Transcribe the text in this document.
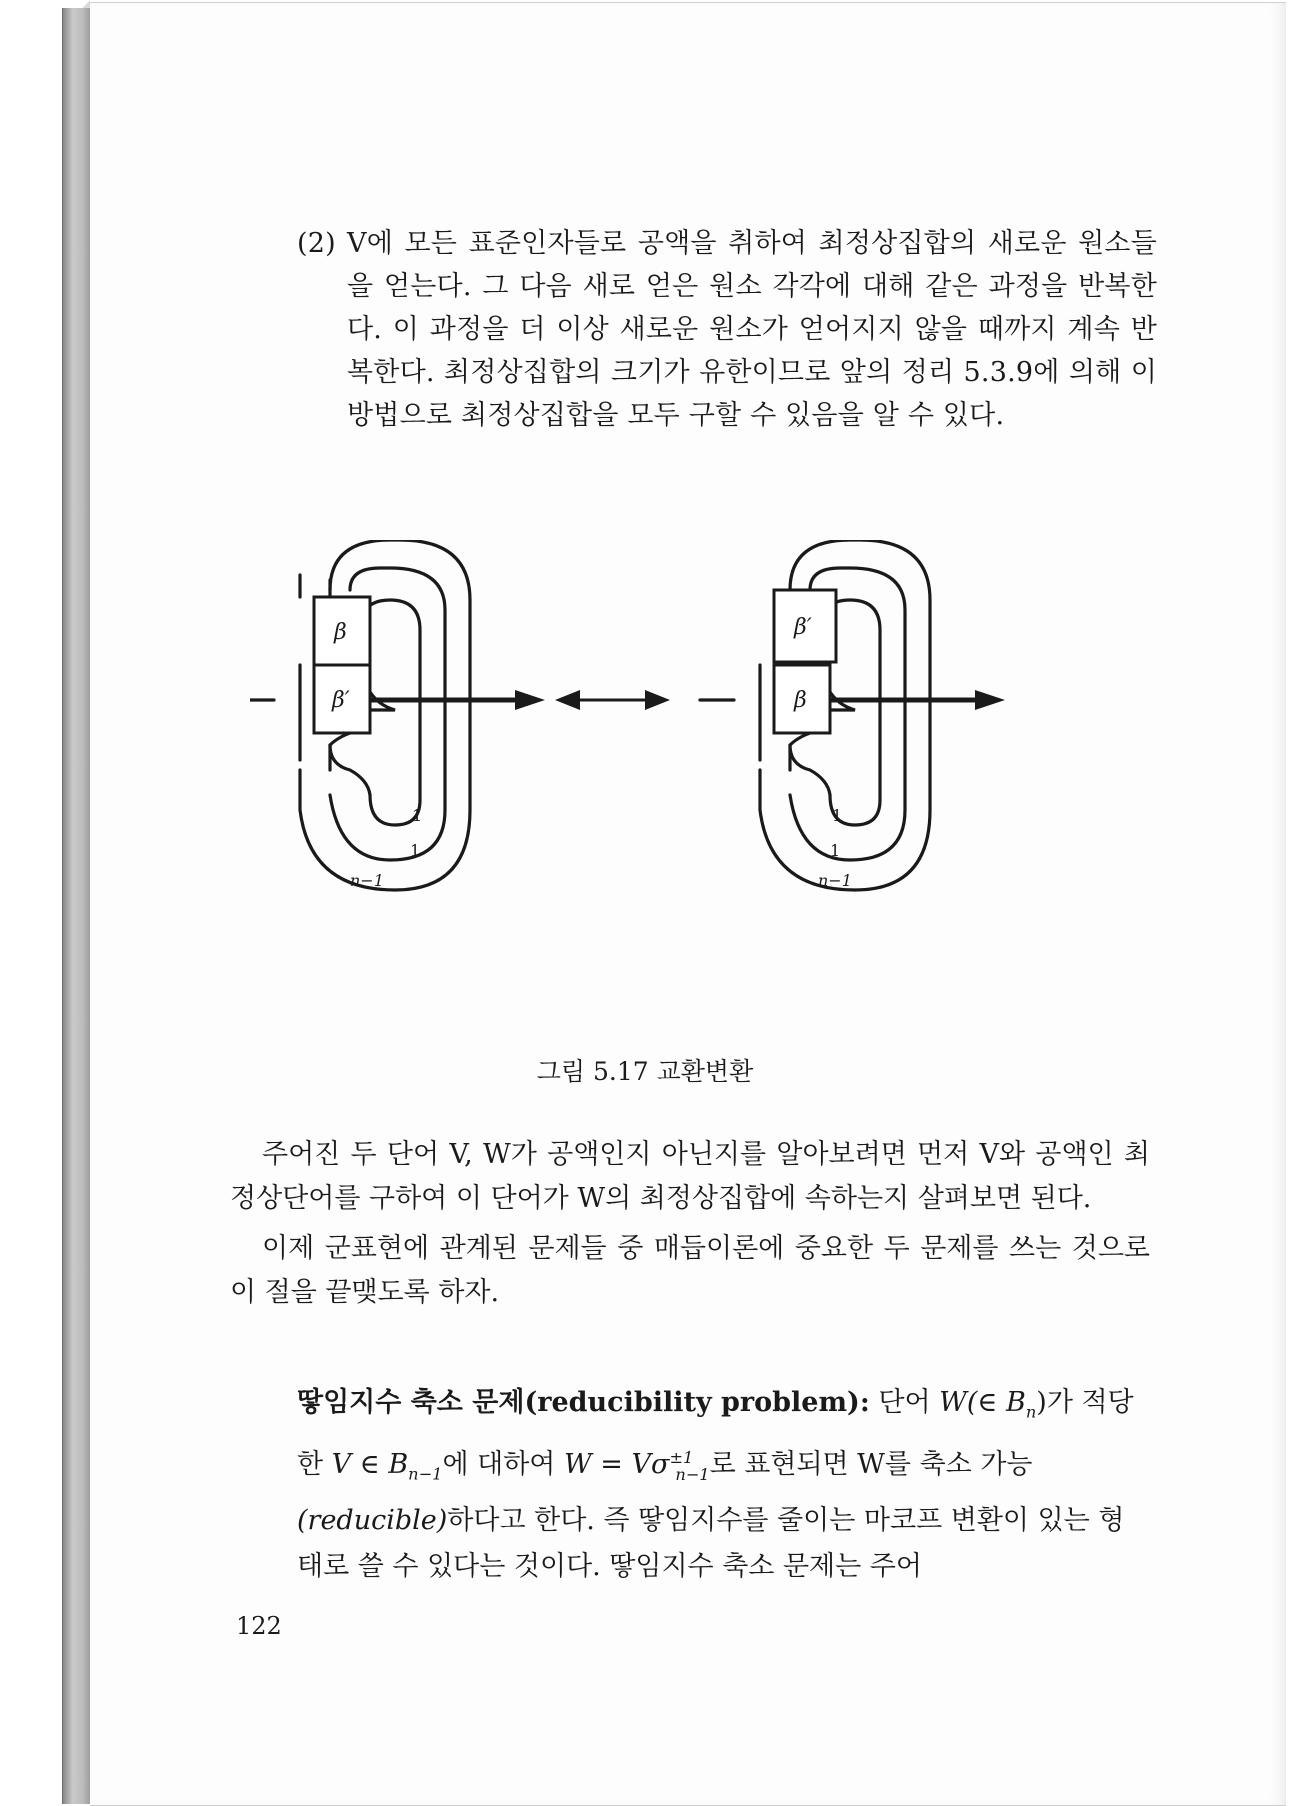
(2) V에 모든 표준인자들로 공액을 취하여 최정상집합의 새로운 원소들을 얻는다. 그 다음 새로 얻은 원소 각각에 대해 같은 과정을 반복한다. 이 과정을 더 이상 새로운 원소가 얻어지지 않을 때까지 계속 반복한다. 최정상집합의 크기가 유한이므로 앞의 정리 5.3.9에 의해 이 방법으로 최정상집합을 모두 구할 수 있음을 알 수 있다.
β
β′
β′
β
1
1
n−1
1
1
n−1
그림 5.17 교환변환

주어진 두 단어 V, W가 공액인지 아닌지를 알아보려면 먼저 V와 공액인 최정상단어를 구하여 이 단어가 W의 최정상집합에 속하는지 살펴보면 된다.

이제 군표현에 관계된 문제들 중 매듭이론에 중요한 두 문제를 쓰는 것으로 이 절을 끝맺도록 하자.

땋임지수 축소 문제(reducibility problem): 단어 W(∈ $B_n$)가 적당한 V ∈ $B_{n-1}$에 대하여 $W = V\sigma^{\pm 1}_{n-1}$로 표현되면 W를 축소 가능 (reducible)하다고 한다. 즉 땋임지수를 줄이는 마코프 변환이 있는 형태로 쓸 수 있다는 것이다. 땋임지수 축소 문제는 주어
122
